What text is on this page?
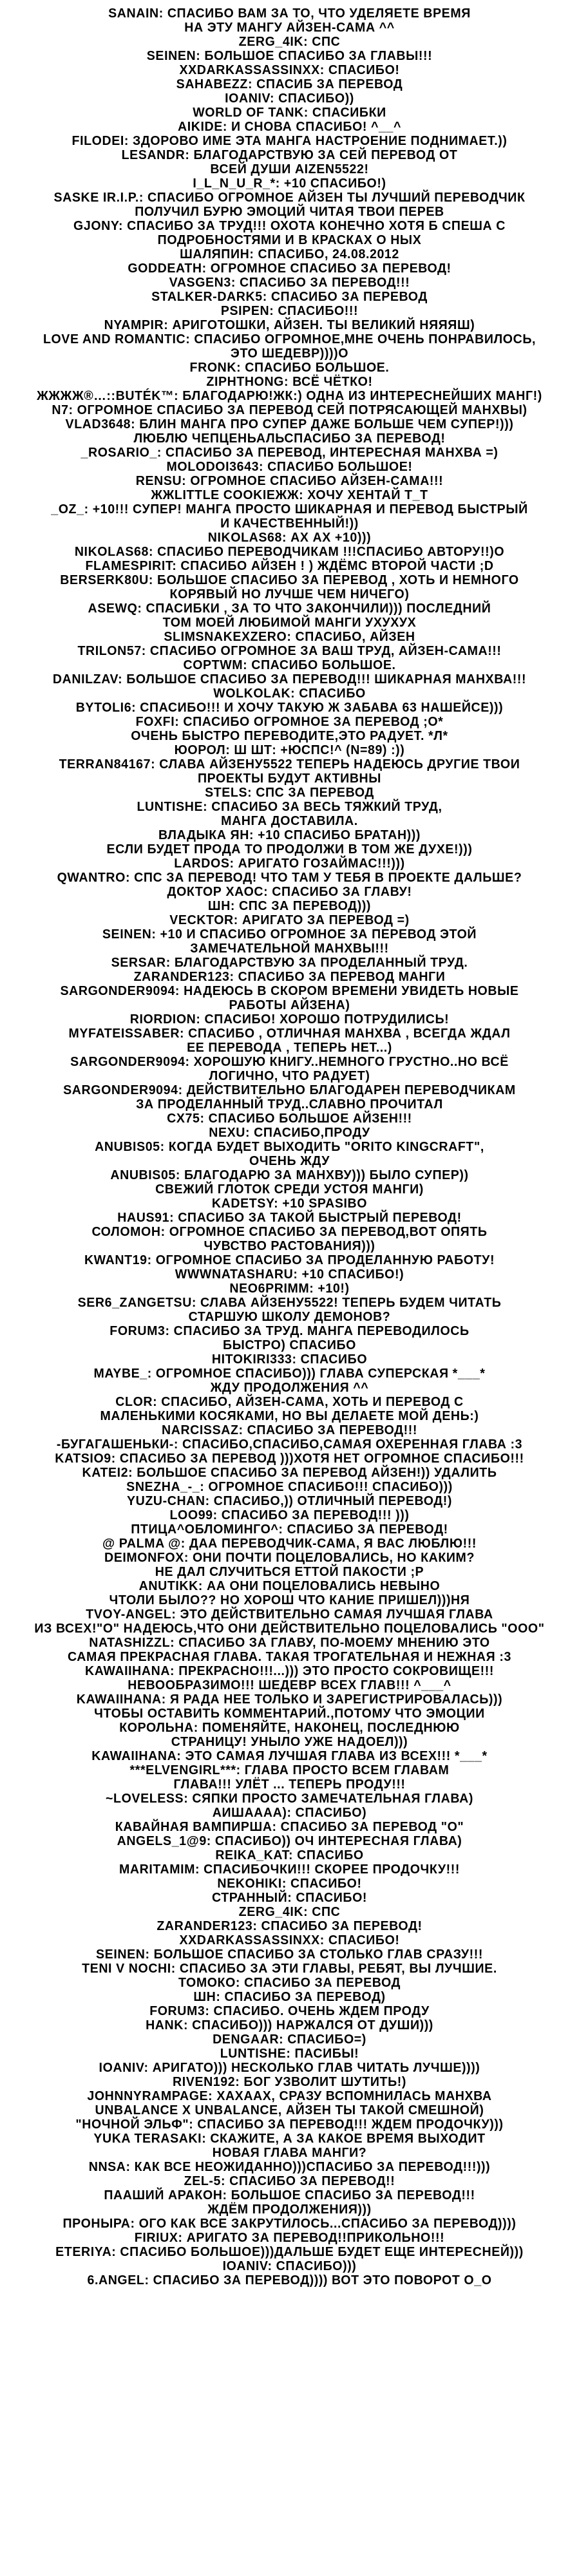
SANAIN: СПАСИБО ВАМ ЗА ТО, ЧТО УДЕЛЯЕТЕ ВРЕМЯ
НА ЭТУ МАНГУ АЙЗЕН-САМА ^^
ZERG_4IK: СПС
SEINEN: БОЛЬШОЕ СПАСИБО ЗА ГЛАВЫ!!!
XXDARKASSASSINXX: СПАСИБО!
SAHABEZZ: СПАСИБ ЗА ПЕРЕВОД
IOANIV: СПАСИБО))
WORLD OF TANK: СПАСИБКИ
AIKIDE: И СНОВА СПАСИБО! ^__^
FILODEI: ЗДОРОВО ИМЕ ЭТА МАНГА НАСТРОЕНИЕ ПОДНИМАЕТ.))
LESANDR: БЛАГОДАРСТВУЮ ЗА СЕЙ ПЕРЕВОД ОТ
ВСЕЙ ДУШИ AIZEN5522!
I_L_N_U_R_*: +10 СПАСИБО!)
SASKE IR.I.P.: СПАСИБО ОГРОМНОЕ АЙЗЕН ТЫ ЛУЧШИЙ ПЕРЕВОДЧИК
ПОЛУЧИЛ БУРЮ ЭМОЦИЙ ЧИТАЯ ТВОИ ПЕРЕВ
GJONY: СПАСИБО ЗА ТРУД!!! ОХОТА КОНЕЧНО ХОТЯ Б СПЕША С
ПОДРОБНОСТЯМИ И В КРАСКАХ О НЫХ
ШАЛЯПИН: СПАСИБО, 24.08.2012
GODDEATH: ОГРОМНОЕ СПАСИБО ЗА ПЕРЕВОД!
VASGEN3: СПАСИБО ЗА ПЕРЕВОД!!!
STALKER-DARK5: СПАСИБО ЗА ПЕРЕВОД
PSIPEN: СПАСИБО!!!
NYAMPIR: АРИГОТОШКИ, АЙЗЕН. ТЫ ВЕЛИКИЙ НЯЯЯШ)
LOVE AND ROMANTIC: СПАСИБО ОГРОМНОЕ,МНЕ ОЧЕНЬ ПОНРАВИЛОСЬ,
ЭТО ШЕДЕВР))))O
FRONK: СПАСИБО БОЛЬШОЕ.
ZIPHTHONG: ВСЁ ЧЁТКО!
ЖЖЖЖ®…::BUTÉK™: БЛАГОДАРЮ!ЖК:) ОДНА ИЗ ИНТЕРЕСНЕЙШИХ МАНГ!)
N7: ОГРОМНОЕ СПАСИБО ЗА ПЕРЕВОД СЕЙ ПОТРЯСАЮЩЕЙ МАНХВЫ)
VLAD3648: БЛИН МАНГА ПРО СУПЕР ДАЖЕ БОЛЬШЕ ЧЕМ СУПЕР!)))
ЛЮБЛЮ ЧЕПЦЕНЬАЛЬСПАСИБО ЗА ПЕРЕВОД!
_ROSARIO_: СПАСИБО ЗА ПЕРЕВОД, ИНТЕРЕСНАЯ МАНХВА =)
MOLODOI3643: СПАСИБО БОЛЬШОЕ!
RENSU: ОГРОМНОЕ СПАСИБО АЙЗЕН-САМА!!!
ЖЖLITTLE COOKIEЖЖ: ХОЧУ ХЕНТАЙ T_T
_OZ_: +10!!! СУПЕР! МАНГА ПРОСТО ШИКАРНАЯ И ПЕРЕВОД БЫСТРЫЙ
И КАЧЕСТВЕННЫЙ!))
NIKOLAS68: АХ АХ +10)))
NIKOLAS68: СПАСИБО ПЕРЕВОДЧИКАМ !!!СПАСИБО АВТОРУ!!)O
FLAMESPIRIT: СПАСИБО АЙЗЕН ! ) ЖДЁМС ВТОРОЙ ЧАСТИ ;D
BERSERK80U: БОЛЬШОЕ СПАСИБО ЗА ПЕРЕВОД , ХОТЬ И НЕМНОГО
КОРЯВЫЙ НО ЛУЧШЕ ЧЕМ НИЧЕГО)
ASEWQ: СПАСИБКИ , ЗА ТО ЧТО ЗАКОНЧИЛИ))) ПОСЛЕДНИЙ
ТОМ МОЕЙ ЛЮБИМОЙ МАНГИ УХУХУХ
SLIMSNAKEXZERO: СПАСИБО, АЙЗЕН
TRILON57: СПАСИБО ОГРОМНОЕ ЗА ВАШ ТРУД, АЙЗЕН-САМА!!!
COPTWM: СПАСИБО БОЛЬШОЕ.
DANILZAV: БОЛЬШОЕ СПАСИБО ЗА ПЕРЕВОД!!! ШИКАРНАЯ МАНХВА!!!
WOLKOLAK: СПАСИБО
BYTOLI6: СПАСИБО!!! И ХОЧУ ТАКУЮ Ж ЗАБАВА 63 НАШЕЙСЕ)))
FOXFI: СПАСИБО ОГРОМНОЕ ЗА ПЕРЕВОД ;O*
ОЧЕНЬ БЫСТРО ПЕРЕВОДИТЕ,ЭТО РАДУЕТ. *Л*
ЮОРОЛ: Ш ШТ: +ЮСПС!^ (N=89) :))
TERRAN84167: СЛАВА АЙЗЕНУ5522 ТЕПЕРЬ НАДЕЮСЬ ДРУГИЕ ТВОИ
ПРОЕКТЫ БУДУТ АКТИВНЫ
STELS: СПС ЗА ПЕРЕВОД
LUNTISHE: СПАСИБО ЗА ВЕСЬ ТЯЖКИЙ ТРУД,
МАНГА ДОСТАВИЛА.
ВЛАДЫКА ЯН: +10 СПАСИБО БРАТАН)))
ЕСЛИ БУДЕТ ПРОДА ТО ПРОДОЛЖИ В ТОМ ЖЕ ДУХЕ!)))
LARDOS: АРИГАТО ГОЗАЙМАС!!!)))
QWANTRO: СПС ЗА ПЕРЕВОД! ЧТО ТАМ У ТЕБЯ В ПРОЕКТЕ ДАЛЬШЕ?
ДОКТОР ХАОС: СПАСИБО ЗА ГЛАВУ!
ШН: СПС ЗА ПЕРЕВОД)))
VECKTOR: АРИГАТО ЗА ПЕРЕВОД =)
SEINEN: +10 И СПАСИБО ОГРОМНОЕ ЗА ПЕРЕВОД ЭТОЙ
ЗАМЕЧАТЕЛЬНОЙ МАНХВЫ!!!
SERSAR: БЛАГОДАРСТВУЮ ЗА ПРОДЕЛАННЫЙ ТРУД.
ZARANDER123: СПАСИБО ЗА ПЕРЕВОД МАНГИ
SARGONDER9094: НАДЕЮСЬ В СКОРОМ ВРЕМЕНИ УВИДЕТЬ НОВЫЕ
РАБОТЫ АЙЗЕНА)
RIORDION: СПАСИБО! ХОРОШО ПОТРУДИЛИСЬ!
MYFATEISSABER: СПАСИБО , ОТЛИЧНАЯ МАНХВА , ВСЕГДА ЖДАЛ
ЕЕ ПЕРЕВОДА , ТЕПЕРЬ НЕТ...)
SARGONDER9094: ХОРОШУЮ КНИГУ..НЕМНОГО ГРУСТНО..НО ВСЁ
ЛОГИЧНО, ЧТО РАДУЕТ)
SARGONDER9094: ДЕЙСТВИТЕЛЬНО БЛАГОДАРЕН ПЕРЕВОДЧИКАМ
ЗА ПРОДЕЛАННЫЙ ТРУД..СЛАВНО ПРОЧИТАЛ
CX75: СПАСИБО БОЛЬШОЕ АЙЗЕН!!!
NEXU: СПАСИБО,ПРОДУ
ANUBIS05: КОГДА БУДЕТ ВЫХОДИТЬ "ORITO KINGCRAFT",
ОЧЕНЬ ЖДУ
ANUBIS05: БЛАГОДАРЮ ЗА МАНХВУ))) БЫЛО СУПЕР))
СВЕЖИЙ ГЛОТОК СРЕДИ УСТОЯ МАНГИ)
KADETSY: +10 SPASIBO
HAUS91: СПАСИБО ЗА ТАКОЙ БЫСТРЫЙ ПЕРЕВОД!
СОЛОМОН: ОГРОМНОЕ СПАСИБО ЗА ПЕРЕВОД,ВОТ ОПЯТЬ
ЧУВСТВО РАСТОВАНИЯ)))
KWANT19: ОГРОМНОЕ СПАСИБО ЗА ПРОДЕЛАННУЮ РАБОТУ!
WWWNATASHARU: +10 СПАСИБО!)
NEO6PRIMM: +10!)
SER6_ZANGETSU: СЛАВА АЙЗЕНУ5522! ТЕПЕРЬ БУДЕМ ЧИТАТЬ
СТАРШУЮ ШКОЛУ ДЕМОНОВ?
FORUM3: СПАСИБО ЗА ТРУД. МАНГА ПЕРЕВОДИЛОСЬ
БЫСТРО) СПАСИБО
HITOKIRI333: СПАСИБО
MAYBE_: ОГРОМНОЕ СПАСИБО))) ГЛАВА СУПЕРСКАЯ *___*
ЖДУ ПРОДОЛЖЕНИЯ ^^
CLOR: СПАСИБО, АЙЗЕН-САМА, ХОТЬ И ПЕРЕВОД С
МАЛЕНЬКИМИ КОСЯКАМИ, НО ВЫ ДЕЛАЕТЕ МОЙ ДЕНЬ:)
NARCISSAZ: СПАСИБО ЗА ПЕРЕВОД!!!
-БУГАГАШЕНЬКИ-: СПАСИБО,СПАСИБО,САМАЯ ОХЕРЕННАЯ ГЛАВА :3
KATSIO9: СПАСИБО ЗА ПЕРЕВОД )))ХОТЯ НЕТ ОГРОМНОЕ СПАСИБО!!!
KATEI2: БОЛЬШОЕ СПАСИБО ЗА ПЕРЕВОД АЙЗЕН!)) УДАЛИТЬ
SNEZHA_-_: ОГРОМНОЕ СПАСИБО!!! СПАСИБО)))
YUZU-CHAN: СПАСИБО,)) ОТЛИЧНЫЙ ПЕРЕВОД!)
LOO99: СПАСИБО ЗА ПЕРЕВОД!!! )))
ПТИЦА^ОБЛОМИНГО^: СПАСИБО ЗА ПЕРЕВОД!
@ PALMA @: ДАА ПЕРЕВОДЧИК-САМА, Я ВАС ЛЮБЛЮ!!!
DEIMONFOX: ОНИ ПОЧТИ ПОЦЕЛОВАЛИСЬ, НО КАКИМ?
НЕ ДАЛ СЛУЧИТЬСЯ ЕТТОЙ ПАКОСТИ ;P
ANUTIKK: АА ОНИ ПОЦЕЛОВАЛИСЬ НЕВЫНО
ЧТОЛИ БЫЛО?? НО ХОРОШ ЧТО КАНИЕ ПРИШЕЛ)))НЯ
TVOY-ANGEL: ЭТО ДЕЙСТВИТЕЛЬНО САМАЯ ЛУЧШАЯ ГЛАВА
ИЗ ВСЕХ!"O" НАДЕЮСЬ,ЧТО ОНИ ДЕЙСТВИТЕЛЬНО ПОЦЕЛОВАЛИСЬ "OOO"
NATASHIZZL: СПАСИБО ЗА ГЛАВУ, ПО-МОЕМУ МНЕНИЮ ЭТО
САМАЯ ПРЕКРАСНАЯ ГЛАВА. ТАКАЯ ТРОГАТЕЛЬНАЯ И НЕЖНАЯ :3
KAWAIIHANA: ПРЕКРАСНО!!!...))) ЭТО ПРОСТО СОКРОВИЩЕ!!!
НЕВООБРАЗИМО!!! ШЕДЕВР ВСЕХ ГЛАВ!!! ^___^
KAWAIIHANA: Я РАДА НЕЕ ТОЛЬКО И ЗАРЕГИСТРИРОВАЛАСЬ)))
ЧТОБЫ ОСТАВИТЬ КОММЕНТАРИЙ.,ПОТОМУ ЧТО ЭМОЦИИ
КОРОЛЬНА: ПОМЕНЯЙТЕ, НАКОНЕЦ, ПОСЛЕДНЮЮ
СТРАНИЦУ! УНЫЛО УЖЕ НАДОЕЛ)))
KAWAIIHANA: ЭТО САМАЯ ЛУЧШАЯ ГЛАВА ИЗ ВСЕХ!!! *___*
***ELVENGIRL***: ГЛАВА ПРОСТО ВСЕМ ГЛАВАМ
ГЛАВА!!! УЛЁТ ... ТЕПЕРЬ ПРОДУ!!!
~LOVELESS: СЯПКИ ПРОСТО ЗАМЕЧАТЕЛЬНАЯ ГЛАВА)
АИШАААА): СПАСИБО)
КАВАЙНАЯ ВАМПИРША: СПАСИБО ЗА ПЕРЕВОД "O"
ANGELS_1@9: СПАСИБО)) ОЧ ИНТЕРЕСНАЯ ГЛАВА)
REIKA_KAT: СПАСИБО
MARITAMIM: СПАСИБОЧКИ!!! СКОРЕЕ ПРОДОЧКУ!!!
NEKOHIKI: СПАСИБО!
СТРАННЫЙ: СПАСИБО!
ZERG_4IK: СПС
ZARANDER123: СПАСИБО ЗА ПЕРЕВОД!
XXDARKASSASSINXX: СПАСИБО!
SEINEN: БОЛЬШОЕ СПАСИБО ЗА СТОЛЬКО ГЛАВ СРАЗУ!!!
TENI V NOCHI: СПАСИБО ЗА ЭТИ ГЛАВЫ, РЕБЯТ, ВЫ ЛУЧШИЕ.
ТОМОКО: СПАСИБО ЗА ПЕРЕВОД
ШН: СПАСИБО ЗА ПЕРЕВОД)
FORUM3: СПАСИБО. ОЧЕНЬ ЖДЕМ ПРОДУ
HANK: СПАСИБО))) НАРЖАЛСЯ ОТ ДУШИ)))
DENGAAR: СПАСИБО=)
LUNTISHE: ПАСИБЫ!
IOANIV: АРИГАТО))) НЕСКОЛЬКО ГЛАВ ЧИТАТЬ ЛУЧШЕ))))
RIVEN192: БОГ УЗВОЛИТ ШУТИТЬ!)
JOHNNYRAMPAGE: ХАХААХ, СРАЗУ ВСПОМНИЛАСЬ МАНХВА
UNBALANCE X UNBALANCE, АЙЗЕН ТЫ ТАКОЙ СМЕШНОЙ)
"НОЧНОЙ ЭЛЬФ": СПАСИБО ЗА ПЕРЕВОД!!! ЖДЕМ ПРОДОЧКУ)))
YUKA TERASAKI: СКАЖИТЕ, А ЗА КАКОЕ ВРЕМЯ ВЫХОДИТ
НОВАЯ ГЛАВА МАНГИ?
NNSA: КАК ВСЕ НЕОЖИДАННО)))СПАСИБО ЗА ПЕРЕВОД!!!)))
ZEL-5: СПАСИБО ЗА ПЕРЕВОД!!
ПААШИЙ АРАКОН: БОЛЬШОЕ СПАСИБО ЗА ПЕРЕВОД!!!
ЖДЁМ ПРОДОЛЖЕНИЯ)))
ПРОНЫРА: ОГО КАК ВСЕ ЗАКРУТИЛОСЬ...СПАСИБО ЗА ПЕРЕВОД))))
FIRIUX: АРИГАТО ЗА ПЕРЕВОД!!ПРИКОЛЬНО!!!
ETERIYA: СПАСИБО БОЛЬШОЕ)))ДАЛЬШЕ БУДЕТ ЕЩЕ ИНТЕРЕСНЕЙ)))
IOANIV: СПАСИБО)))
6.ANGEL: СПАСИБО ЗА ПЕРЕВОД)))) ВОТ ЭТО ПОВОРОТ O_O
